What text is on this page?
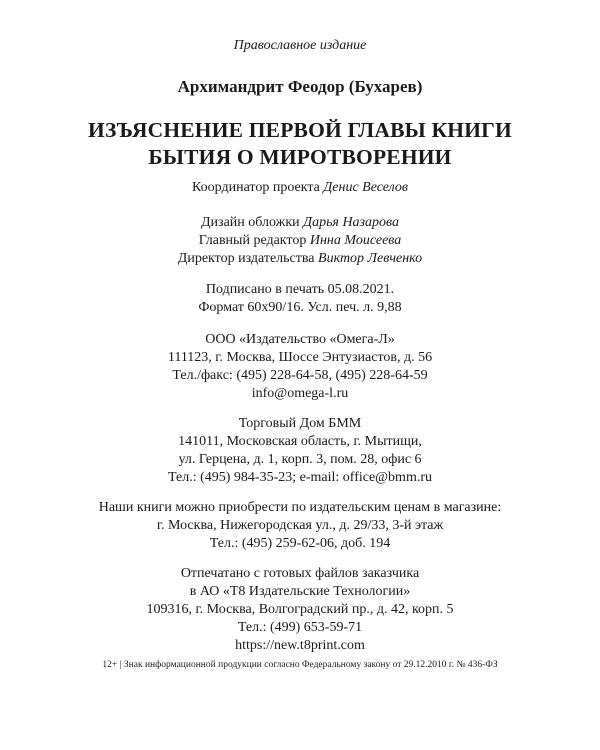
Православное издание
Архимандрит Феодор (Бухарев)
ИЗЪЯСНЕНИЕ ПЕРВОЙ ГЛАВЫ КНИГИ
БЫТИЯ О МИРОТВОРЕНИИ
Координатор проекта Денис Веселов
Дизайн обложки Дарья Назарова
Главный редактор Инна Моисеева
Директор издательства Виктор Левченко
Подписано в печать 05.08.2021.
Формат 60х90/16. Усл. печ. л. 9,88
ООО «Издательство «Омега-Л»
111123, г. Москва, Шоссе Энтузиастов, д. 56
Тел./факс: (495) 228-64-58, (495) 228-64-59
info@omega-l.ru
Торговый Дом БММ
141011, Московская область, г. Мытищи,
ул. Герцена, д. 1, корп. 3, пом. 28, офис 6
Тел.: (495) 984-35-23; e-mail: office@bmm.ru
Наши книги можно приобрести по издательским ценам в магазине:
г. Москва, Нижегородская ул., д. 29/33, 3-й этаж
Тел.: (495) 259-62-06, доб. 194
Отпечатано с готовых файлов заказчика
в АО «Т8 Издательские Технологии»
109316, г. Москва, Волгоградский пр., д. 42, корп. 5
Тел.: (499) 653-59-71
https://new.t8print.com
12+ | Знак информационной продукции согласно Федеральному закону от 29.12.2010 г. № 436-ФЗ
